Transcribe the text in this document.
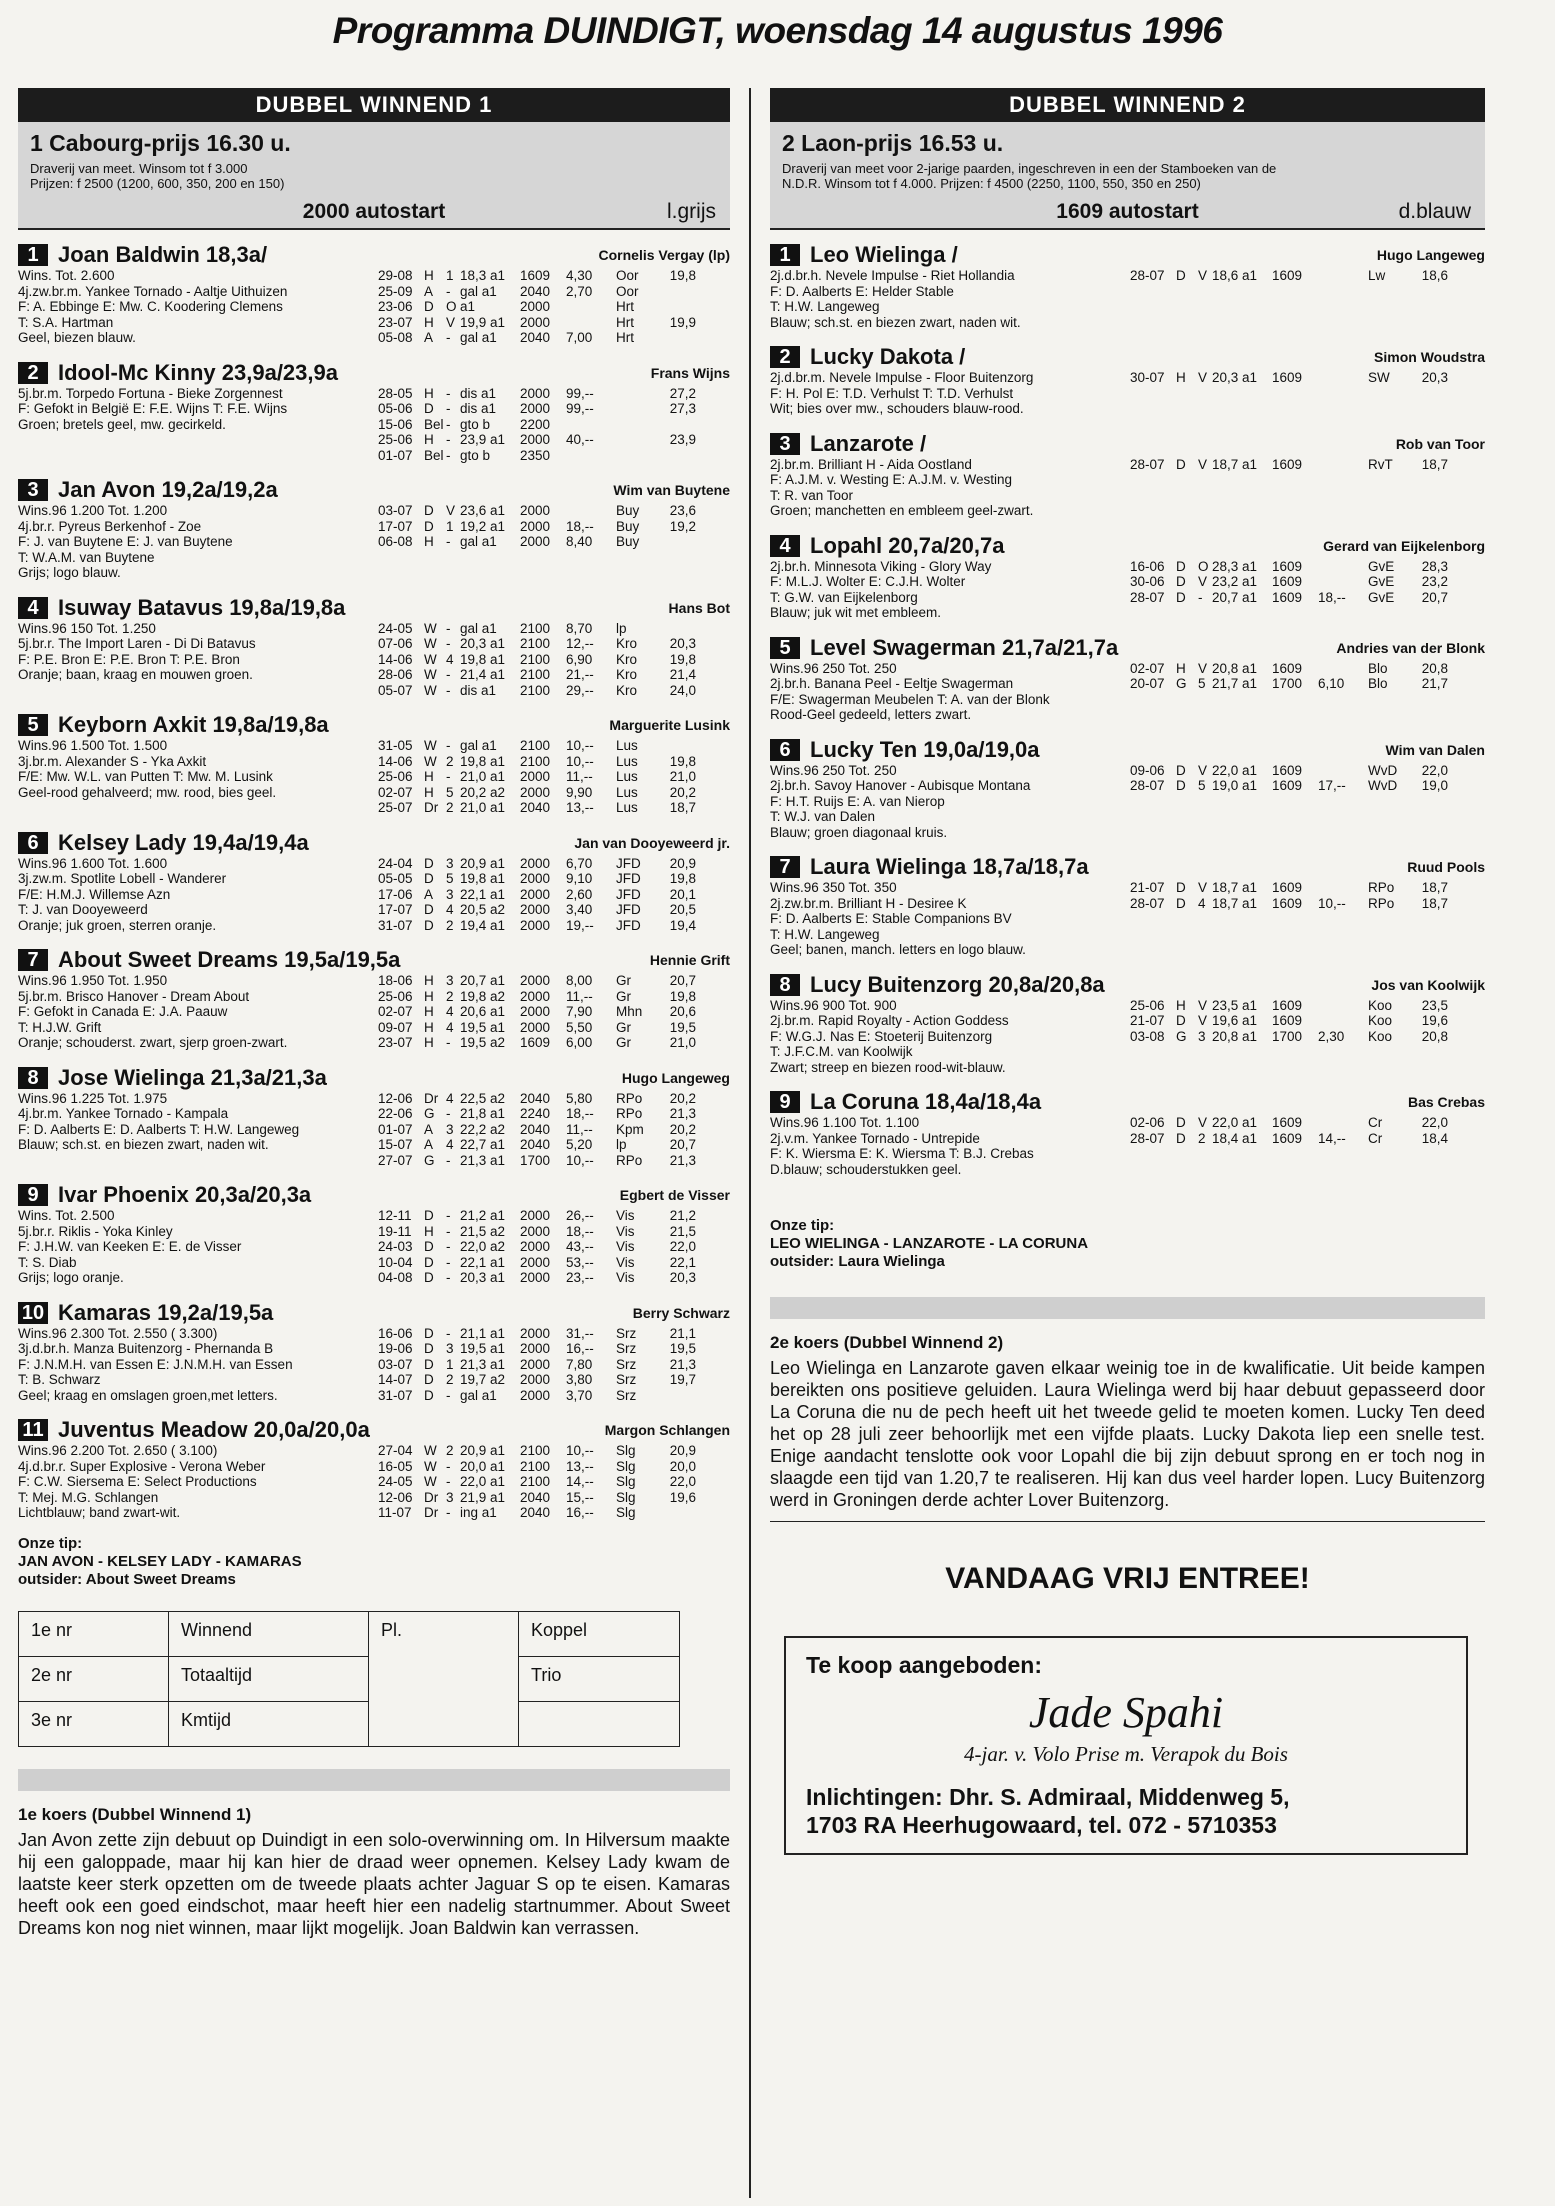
Programma DUINDIGT, woensdag 14 augustus 1996
DUBBEL WINNEND 1
1 Cabourg-prijs 16.30 u.
Draverij van meet. Winsom tot f 3.000
Prijzen: f 2500 (1200, 600, 350, 200 en 150)
2000 autostart	l.grijs
1 Joan Baldwin 18,3a/	Cornelis Vergay (lp)
Wins. Tot. 2.600
4j.zw.br.m. Yankee Tornado - Aaltje Uithuizen
F: A. Ebbinge E: Mw. C. Koodering Clemens
T: S.A. Hartman
Geel, biezen blauw.
29-08 H 1 18,3 a1	1609	4,30	Oor	19,8
25-09 A - gal a1	2040	2,70	Oor
23-06 D O a1	2000	Hrt
23-07 H V 19,9 a1	2000	Hrt	19,9
05-08 A - gal a1	2040	7,00	Hrt
2 Idool-Mc Kinny 23,9a/23,9a	Frans Wijns
5j.br.m. Torpedo Fortuna - Bieke Zorgennest
F: Gefokt in België E: F.E. Wijns T: F.E. Wijns
Groen; bretels geel, mw. gecirkeld.
28-05 H - dis a1	2000	99,--	27,2
05-06 D - dis a1	2000	99,--	27,3
15-06 Bel - gto b	2200
25-06 H - 23,9 a1	2000	40,--	23,9
01-07 Bel - gto b	2350
3 Jan Avon 19,2a/19,2a	Wim van Buytene
Wins.96 1.200 Tot. 1.200
4j.br.r. Pyreus Berkenhof - Zoe
F: J. van Buytene E: J. van Buytene
T: W.A.M. van Buytene
Grijs; logo blauw.
03-07 D V 23,6 a1	2000	Buy	23,6
17-07 D 1 19,2 a1	2000	18,--	Buy	19,2
06-08 H - gal a1	2000	8,40	Buy
4 Isuway Batavus 19,8a/19,8a	Hans Bot
Wins.96 150 Tot. 1.250
5j.br.r. The Import Laren - Di Di Batavus
F: P.E. Bron E: P.E. Bron T: P.E. Bron
Oranje; baan, kraag en mouwen groen.
24-05 W - gal a1	2100	8,70	lp
07-06 W - 20,3 a1	2100	12,--	Kro	20,3
14-06 W 4 19,8 a1	2100	6,90	Kro	19,8
28-06 W - 21,4 a1	2100	21,--	Kro	21,4
05-07 W - dis a1	2100	29,--	Kro	24,0
5 Keyborn Axkit 19,8a/19,8a	Marguerite Lusink
Wins.96 1.500 Tot. 1.500
3j.br.m. Alexander S - Yka Axkit
F/E: Mw. W.L. van Putten T: Mw. M. Lusink
Geel-rood gehalveerd; mw. rood, bies geel.
31-05 W - gal a1	2100	10,--	Lus
14-06 W 2 19,8 a1	2100	10,--	Lus	19,8
25-06 H - 21,0 a1	2000	11,--	Lus	21,0
02-07 H 5 20,2 a2	2000	9,90	Lus	20,2
25-07 Dr 2 21,0 a1	2040	13,--	Lus	18,7
6 Kelsey Lady 19,4a/19,4a	Jan van Dooyeweerd jr.
Wins.96 1.600 Tot. 1.600
3j.zw.m. Spotlite Lobell - Wanderer
F/E: H.M.J. Willemse Azn
T: J. van Dooyeweerd
Oranje; juk groen, sterren oranje.
24-04 D 3 20,9 a1	2000	6,70	JFD	20,9
05-05 D 5 19,8 a1	2000	9,10	JFD	19,8
17-06 A 3 22,1 a1	2000	2,60	JFD	20,1
17-07 D 4 20,5 a2	2000	3,40	JFD	20,5
31-07 D 2 19,4 a1	2000	19,--	JFD	19,4
7 About Sweet Dreams 19,5a/19,5a	Hennie Grift
Wins.96 1.950 Tot. 1.950
5j.br.m. Brisco Hanover - Dream About
F: Gefokt in Canada E: J.A. Paauw
T: H.J.W. Grift
Oranje; schouderst. zwart, sjerp groen-zwart.
18-06 H 3 20,7 a1	2000	8,00	Gr	20,7
25-06 H 2 19,8 a2	2000	11,--	Gr	19,8
02-07 H 4 20,6 a1	2000	7,90	Mhn	20,6
09-07 H 4 19,5 a1	2000	5,50	Gr	19,5
23-07 H - 19,5 a2	1609	6,00	Gr	21,0
8 Jose Wielinga 21,3a/21,3a	Hugo Langeweg
Wins.96 1.225 Tot. 1.975
4j.br.m. Yankee Tornado - Kampala
F: D. Aalberts E: D. Aalberts T: H.W. Langeweg
Blauw; sch.st. en biezen zwart, naden wit.
12-06 Dr 4 22,5 a2	2040	5,80	RPo	20,2
22-06 G - 21,8 a1	2240	18,--	RPo	21,3
01-07 A 3 22,2 a2	2040	11,--	Kpm	20,2
15-07 A 4 22,7 a1	2040	5,20	lp	20,7
27-07 G - 21,3 a1	1700	10,--	RPo	21,3
9 Ivar Phoenix 20,3a/20,3a	Egbert de Visser
Wins. Tot. 2.500
5j.br.r. Riklis - Yoka Kinley
F: J.H.W. van Keeken E: E. de Visser
T: S. Diab
Grijs; logo oranje.
12-11 D - 21,2 a1	2000	26,--	Vis	21,2
19-11 H - 21,5 a2	2000	18,--	Vis	21,5
24-03 D - 22,0 a2	2000	43,--	Vis	22,0
10-04 D - 22,1 a1	2000	53,--	Vis	22,1
04-08 D - 20,3 a1	2000	23,--	Vis	20,3
10 Kamaras 19,2a/19,5a	Berry Schwarz
Wins.96 2.300 Tot. 2.550 ( 3.300)
3j.d.br.h. Manza Buitenzorg - Phernanda B
F: J.N.M.H. van Essen E: J.N.M.H. van Essen
T: B. Schwarz
Geel; kraag en omslagen groen,met letters.
16-06 D - 21,1 a1	2000	31,--	Srz	21,1
19-06 D 3 19,5 a1	2000	16,--	Srz	19,5
03-07 D 1 21,3 a1	2000	7,80	Srz	21,3
14-07 D 2 19,7 a2	2000	3,80	Srz	19,7
31-07 D - gal a1	2000	3,70	Srz
11 Juventus Meadow 20,0a/20,0a	Margon Schlangen
Wins.96 2.200 Tot. 2.650 ( 3.100)
4j.d.br.r. Super Explosive - Verona Weber
F: C.W. Siersema E: Select Productions
T: Mej. M.G. Schlangen
Lichtblauw; band zwart-wit.
27-04 W 2 20,9 a1	2100	10,--	Slg	20,9
16-05 W - 20,0 a1	2100	13,--	Slg	20,0
24-05 W - 22,0 a1	2100	14,--	Slg	22,0
12-06 Dr 3 21,9 a1	2040	15,--	Slg	19,6
11-07 Dr - ing a1	2040	16,--	Slg
Onze tip:
JAN AVON - KELSEY LADY - KAMARAS
outsider: About Sweet Dreams
1e nr	Winnend	Pl.	Koppel
2e nr	Totaaltijd	Trio
3e nr	Kmtijd
1e koers (Dubbel Winnend 1)

Jan Avon zette zijn debuut op Duindigt in een solo-overwinning om. In Hilversum maakte hij een galoppade, maar hij kan hier de draad weer opnemen. Kelsey Lady kwam de laatste keer sterk opzetten om de tweede plaats achter Jaguar S op te eisen. Kamaras heeft ook een goed eindschot, maar heeft hier een nadelig startnummer. About Sweet Dreams kon nog niet winnen, maar lijkt mogelijk. Joan Baldwin kan verrassen.

DUBBEL WINNEND 2
2 Laon-prijs 16.53 u.
Draverij van meet voor 2-jarige paarden, ingeschreven in een der Stamboeken van de
N.D.R. Winsom tot f 4.000. Prijzen: f 4500 (2250, 1100, 550, 350 en 250)
1609 autostart	d.blauw
1 Leo Wielinga /	Hugo Langeweg
2j.d.br.h. Nevele Impulse - Riet Hollandia
F: D. Aalberts E: Helder Stable
T: H.W. Langeweg
Blauw; sch.st. en biezen zwart, naden wit.
28-07 D V 18,6 a1	1609	Lw	18,6
2 Lucky Dakota /	Simon Woudstra
2j.d.br.m. Nevele Impulse - Floor Buitenzorg
F: H. Pol E: T.D. Verhulst T: T.D. Verhulst
Wit; bies over mw., schouders blauw-rood.
30-07 H V 20,3 a1	1609	SW	20,3
3 Lanzarote /	Rob van Toor
2j.br.m. Brilliant H - Aida Oostland
F: A.J.M. v. Westing E: A.J.M. v. Westing
T: R. van Toor
Groen; manchetten en embleem geel-zwart.
28-07 D V 18,7 a1	1609	RvT	18,7
4 Lopahl 20,7a/20,7a	Gerard van Eijkelenborg
2j.br.h. Minnesota Viking - Glory Way
F: M.L.J. Wolter E: C.J.H. Wolter
T: G.W. van Eijkelenborg
Blauw; juk wit met embleem.
16-06 D O 28,3 a1	1609	GvE	28,3
30-06 D V 23,2 a1	1609	GvE	23,2
28-07 D - 20,7 a1	1609	18,--	GvE	20,7
5 Level Swagerman 21,7a/21,7a	Andries van der Blonk
Wins.96 250 Tot. 250
2j.br.h. Banana Peel - Eeltje Swagerman
F/E: Swagerman Meubelen T: A. van der Blonk
Rood-Geel gedeeld, letters zwart.
02-07 H V 20,8 a1	1609	Blo	20,8
20-07 G 5 21,7 a1	1700	6,10	Blo	21,7
6 Lucky Ten 19,0a/19,0a	Wim van Dalen
Wins.96 250 Tot. 250
2j.br.h. Savoy Hanover - Aubisque Montana
F: H.T. Ruijs E: A. van Nierop
T: W.J. van Dalen
Blauw; groen diagonaal kruis.
09-06 D V 22,0 a1	1609	WvD	22,0
28-07 D 5 19,0 a1	1609	17,--	WvD	19,0
7 Laura Wielinga 18,7a/18,7a	Ruud Pools
Wins.96 350 Tot. 350
2j.zw.br.m. Brilliant H - Desiree K
F: D. Aalberts E: Stable Companions BV
T: H.W. Langeweg
Geel; banen, manch. letters en logo blauw.
21-07 D V 18,7 a1	1609	RPo	18,7
28-07 D 4 18,7 a1	1609	10,--	RPo	18,7
8 Lucy Buitenzorg 20,8a/20,8a	Jos van Koolwijk
Wins.96 900 Tot. 900
2j.br.m. Rapid Royalty - Action Goddess
F: W.G.J. Nas E: Stoeterij Buitenzorg
T: J.F.C.M. van Koolwijk
Zwart; streep en biezen rood-wit-blauw.
25-06 H V 23,5 a1	1609	Koo	23,5
21-07 D V 19,6 a1	1609	Koo	19,6
03-08 G 3 20,8 a1	1700	2,30	Koo	20,8
9 La Coruna 18,4a/18,4a	Bas Crebas
Wins.96 1.100 Tot. 1.100
2j.v.m. Yankee Tornado - Untrepide
F: K. Wiersma E: K. Wiersma T: B.J. Crebas
D.blauw; schouderstukken geel.
02-06 D V 22,0 a1	1609	Cr	22,0
28-07 D 2 18,4 a1	1609	14,--	Cr	18,4
Onze tip:
LEO WIELINGA - LANZAROTE - LA CORUNA
outsider: Laura Wielinga
2e koers (Dubbel Winnend 2)

Leo Wielinga en Lanzarote gaven elkaar weinig toe in de kwalificatie. Uit beide kampen bereikten ons positieve geluiden. Laura Wielinga werd bij haar debuut gepasseerd door La Coruna die nu de pech heeft uit het tweede gelid te moeten komen. Lucky Ten deed het op 28 juli zeer behoorlijk met een vijfde plaats. Lucky Dakota liep een snelle test. Enige aandacht tenslotte ook voor Lopahl die bij zijn debuut sprong en er toch nog in slaagde een tijd van 1.20,7 te realiseren. Hij kan dus veel harder lopen. Lucy Buitenzorg werd in Groningen derde achter Lover Buitenzorg.

VANDAAG VRIJ ENTREE!
Te koop aangeboden:
Jade Spahi
4-jar. v. Volo Prise m. Verapok du Bois
Inlichtingen: Dhr. S. Admiraal, Middenweg 5,
1703 RA Heerhugowaard, tel. 072 - 5710353
